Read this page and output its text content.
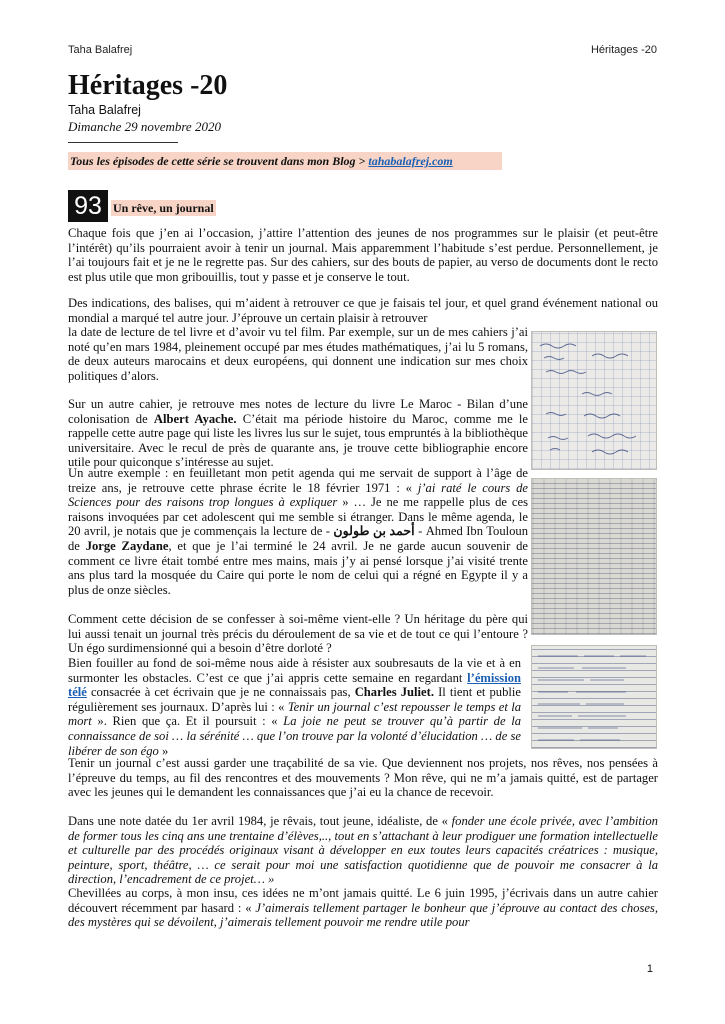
Taha Balafrej	Héritages -20
Héritages -20
Taha Balafrej
Dimanche 29 novembre 2020
Tous les épisodes de cette série se trouvent dans mon Blog > tahabalafrej.com
93 Un rêve, un journal
Chaque fois que j’en ai l’occasion, j’attire l’attention des jeunes de nos programmes sur le plaisir (et peut-être l’intérêt) qu’ils pourraient avoir à tenir un journal. Mais apparemment l’habitude s’est perdue. Personnellement, je l’ai toujours fait et je ne le regrette pas. Sur des cahiers, sur des bouts de papier, au verso de documents dont le recto est plus utile que mon gribouillis, tout y passe et je conserve le tout.
Des indications, des balises, qui m’aident à retrouver ce que je faisais tel jour, et quel grand événement national ou mondial a marqué tel autre jour. J’éprouve un certain plaisir à retrouver
la date de lecture de tel livre et d’avoir vu tel film. Par exemple, sur un de mes cahiers j’ai noté qu’en mars 1984, pleinement occupé par mes études mathématiques, j’ai lu 5 romans, de deux auteurs marocains et deux européens, qui donnent une indication sur mes choix politiques d’alors.
Sur un autre cahier, je retrouve mes notes de lecture du livre Le Maroc - Bilan d’une colonisation de Albert Ayache. C’était ma période histoire du Maroc, comme me le rappelle cette autre page qui liste les livres lus sur le sujet, tous empruntés à la bibliothèque universitaire. Avec le recul de près de quarante ans, je trouve cette bibliographie encore utile pour quiconque s’intéresse au sujet.
Un autre exemple : en feuilletant mon petit agenda qui me servait de support à l’âge de treize ans, je retrouve cette phrase écrite le 18 février 1971 : « j’ai raté le cours de Sciences pour des raisons trop longues à expliquer » … Je ne me rappelle plus de ces raisons invoquées par cet adolescent qui me semble si étranger. Dans le même agenda, le 20 avril, je notais que je commençais la lecture de - أحمد بن طولون - Ahmed Ibn Touloun de Jorge Zaydane, et que je l’ai terminé le 24 avril. Je ne garde aucun souvenir de comment ce livre était tombé entre mes mains, mais j’y ai pensé lorsque j’ai visité trente ans plus tard la mosquée du Caire qui porte le nom de celui qui a régné en Egypte il y a plus de onze siècles.
Comment cette décision de se confesser à soi-même vient-elle ? Un héritage du père qui lui aussi tenait un journal très précis du déroulement de sa vie et de tout ce qui l’entoure ? Un égo surdimensionné qui a besoin d’être dorloté ?
Bien fouiller au fond de soi-même nous aide à résister aux soubresauts de la vie et à en surmonter les obstacles. C’est ce que j’ai appris cette semaine en regardant l’émission télé consacrée à cet écrivain que je ne connaissais pas, Charles Juliet. Il tient et publie régulièrement ses journaux. D’après lui : « Tenir un journal c’est repousser le temps et la mort ». Rien que ça. Et il poursuit : « La joie ne peut se trouver qu’à partir de la connaissance de soi … la sérénité … que l’on trouve par la volonté d’élucidation … de se libérer de son égo »
Tenir un journal c’est aussi garder une traçabilité de sa vie. Que deviennent nos projets, nos rêves, nos pensées à l’épreuve du temps, au fil des rencontres et des mouvements ? Mon rêve, qui ne m’a jamais quitté, est de partager avec les jeunes qui le demandent les connaissances que j’ai eu la chance de recevoir.
Dans une note datée du 1er avril 1984, je rêvais, tout jeune, idéaliste, de « fonder une école privée, avec l’ambition de former tous les cinq ans une trentaine d’élèves,.., tout en s’attachant à leur prodiguer une formation intellectuelle et culturelle par des procédés originaux visant à développer en eux toutes leurs capacités créatrices : musique, peinture, sport, théâtre, … ce serait pour moi une satisfaction quotidienne que de pouvoir me consacrer à la direction, l’encadrement de ce projet… »
Chevillées au corps, à mon insu, ces idées ne m’ont jamais quitté. Le 6 juin 1995, j’écrivais dans un autre cahier découvert récemment par hasard : « J’aimerais tellement partager le bonheur que j’éprouve au contact des choses, des mystères qui se dévoilent, j’aimerais tellement pouvoir me rendre utile pour
1
